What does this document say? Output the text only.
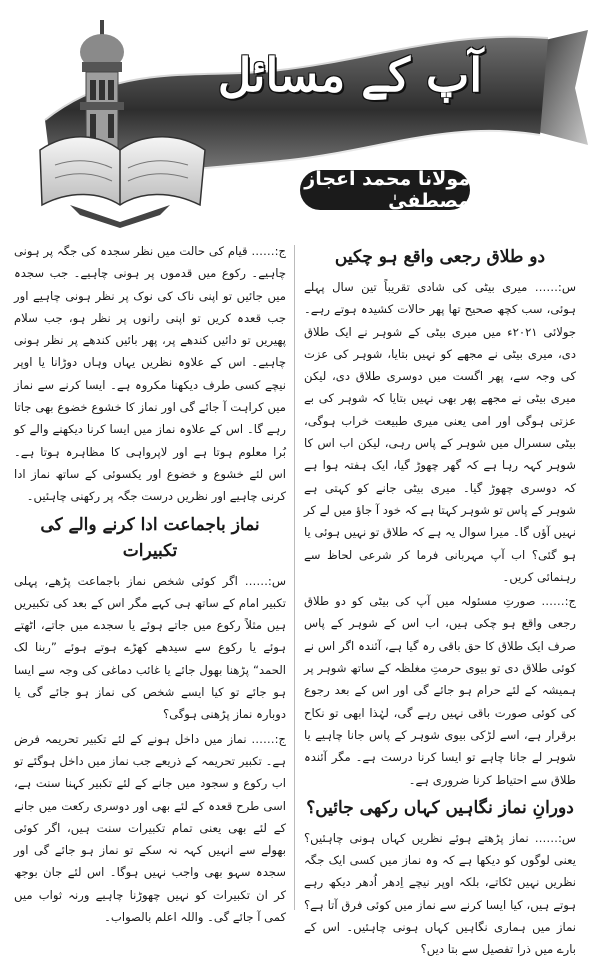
آپ کے مسائل
مولانا محمد اعجاز مصطفیٰ
دو طلاق رجعی واقع ہو چکیں

س:…… میری بیٹی کی شادی تقریباً تین سال پہلے ہوئی، سب کچھ صحیح تھا پھر حالات کشیدہ ہوتے رہے۔ جولائی ۲۰۲۱ء میں میری بیٹی کے شوہر نے ایک طلاق دی، میری بیٹی نے مجھے کو نہیں بتایا، شوہر کی عزت کی وجہ سے، پھر اگست میں دوسری طلاق دی، لیکن میری بیٹی نے مجھے پھر بھی نہیں بتایا کہ شوہر کی بے عزتی ہوگی اور امی یعنی میری طبیعت خراب ہوگی، بیٹی سسرال میں شوہر کے پاس رہی، لیکن اب اس کا شوہر کہہ رہا ہے کہ گھر چھوڑ گیا، ایک ہفتہ ہوا ہے کہ دوسری چھوڑ گیا۔ میری بیٹی جانے کو کہتی ہے شوہر کے پاس تو شوہر کہتا ہے کہ خود آ جاؤ میں لے کر نہیں آؤں گا۔ میرا سوال یہ ہے کہ طلاق تو نہیں ہوئی یا ہو گئی؟ اب آپ مہربانی فرما کر شرعی لحاظ سے رہنمائی کریں۔

ج:…… صورتِ مسئولہ میں آپ کی بیٹی کو دو طلاق رجعی واقع ہو چکی ہیں، اب اس کے شوہر کے پاس صرف ایک طلاق کا حق باقی رہ گیا ہے، آئندہ اگر اس نے کوئی طلاق دی تو بیوی حرمتِ مغلظہ کے ساتھ شوہر پر ہمیشہ کے لئے حرام ہو جائے گی اور اس کے بعد رجوع کی کوئی صورت باقی نہیں رہے گی، لہٰذا ابھی تو نکاح برقرار ہے، اسے لڑکی بیوی شوہر کے پاس جانا چاہیے یا شوہر لے جانا چاہے تو ایسا کرنا درست ہے۔ مگر آئندہ طلاق سے احتیاط کرنا ضروری ہے۔

دورانِ نماز نگاہیں کہاں رکھی جائیں؟

س:…… نماز پڑھتے ہوئے نظریں کہاں ہونی چاہئیں؟ یعنی لوگوں کو دیکھا ہے کہ وہ نماز میں کسی ایک جگہ نظریں نہیں ٹکاتے، بلکہ اوپر نیچے اِدھر اُدھر دیکھ رہے ہوتے ہیں، کیا ایسا کرنے سے نماز میں کوئی فرق آتا ہے؟ نماز میں ہماری نگاہیں کہاں ہونی چاہئیں۔ اس کے بارے میں ذرا تفصیل سے بتا دیں؟

ج:…… قیام کی حالت میں نظر سجدہ کی جگہ پر ہونی چاہیے۔ رکوع میں قدموں پر ہونی چاہیے۔ جب سجدہ میں جائیں تو اپنی ناک کی نوک پر نظر ہونی چاہیے اور جب قعدہ کریں تو اپنی رانوں پر نظر ہو، جب سلام پھیریں تو دائیں کندھے پر، پھر بائیں کندھے پر نظر ہونی چاہیے۔ اس کے علاوہ نظریں یہاں وہاں دوڑانا یا اوپر نیچے کسی طرف دیکھنا مکروہ ہے۔ ایسا کرنے سے نماز میں کراہت آ جائے گی اور نماز کا خشوع خضوع بھی جاتا رہے گا۔ اس کے علاوہ نماز میں ایسا کرنا دیکھنے والے کو بُرا معلوم ہوتا ہے اور لاپرواہی کا مظاہرہ ہوتا ہے۔ اس لئے خشوع و خضوع اور یکسوئی کے ساتھ نماز ادا کرنی چاہیے اور نظریں درست جگہ پر رکھنی چاہئیں۔

نماز باجماعت ادا کرنے والے کی تکبیرات

س:…… اگر کوئی شخص نماز باجماعت پڑھے، پہلی تکبیر امام کے ساتھ ہی کہے مگر اس کے بعد کی تکبیریں ہیں مثلاً رکوع میں جاتے ہوئے یا سجدے میں جاتے، اٹھتے ہوئے یا رکوع سے سیدھے کھڑے ہوتے ہوئے ”ربنا لک الحمد“ پڑھنا بھول جائے یا غائب دماغی کی وجہ سے ایسا ہو جائے تو کیا ایسے شخص کی نماز ہو جائے گی یا دوبارہ نماز پڑھنی ہوگی؟

ج:…… نماز میں داخل ہونے کے لئے تکبیر تحریمہ فرض ہے۔ تکبیر تحریمہ کے ذریعے جب نماز میں داخل ہوگئے تو اب رکوع و سجود میں جانے کے لئے تکبیر کہنا سنت ہے، اسی طرح قعدہ کے لئے بھی اور دوسری رکعت میں جانے کے لئے بھی یعنی تمام تکبیرات سنت ہیں، اگر کوئی بھولے سے انہیں کہہ نہ سکے تو نماز ہو جائے گی اور سجدہ سہو بھی واجب نہیں ہوگا۔ اس لئے جان بوجھ کر ان تکبیرات کو نہیں چھوڑنا چاہیے ورنہ ثواب میں کمی آ جائے گی۔ واللہ اعلم بالصواب۔
